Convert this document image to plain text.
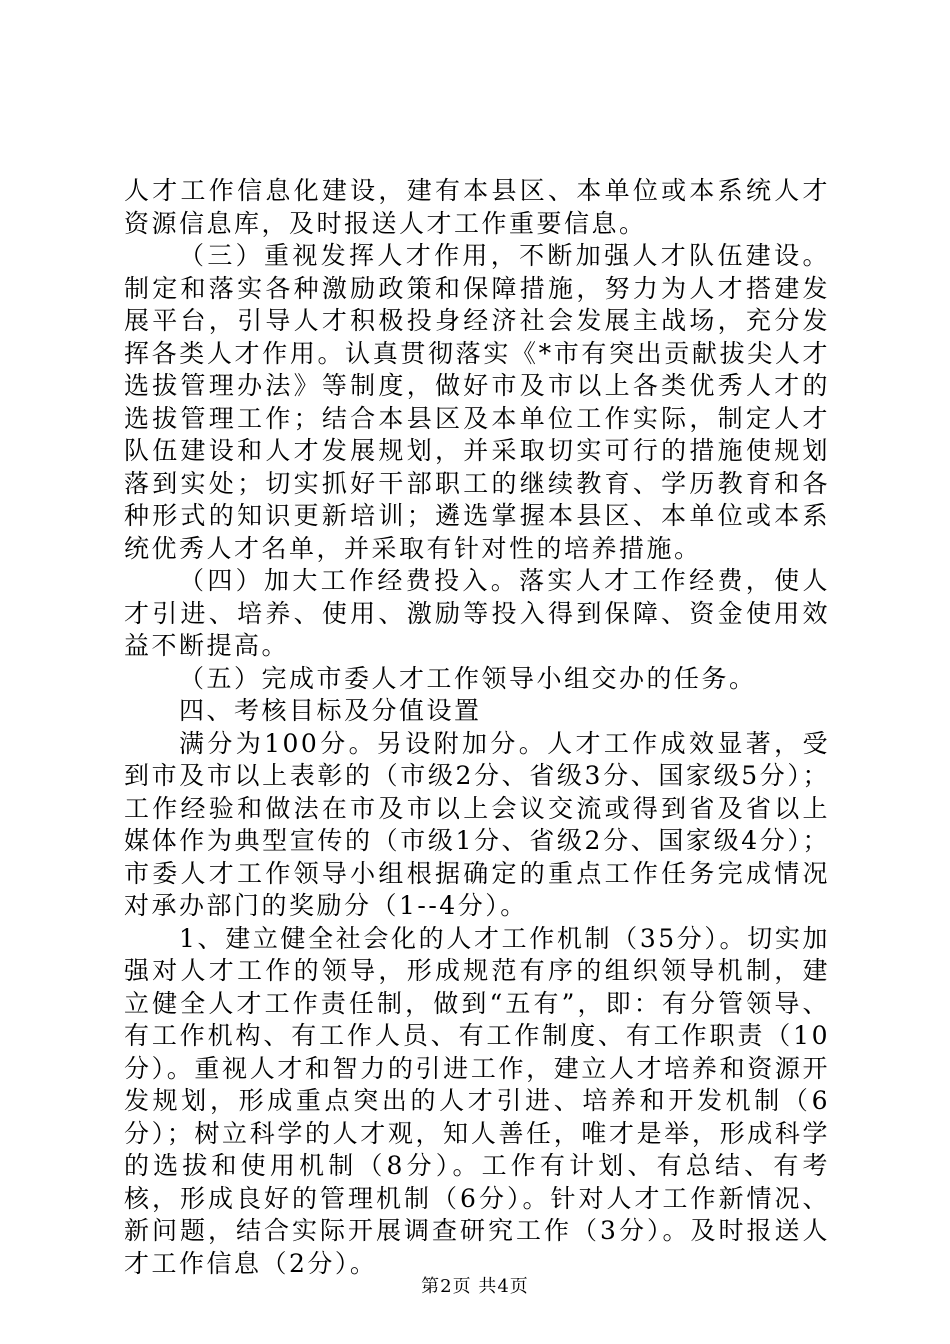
人才工作信息化建设，建有本县区、本单位或本系统人才资源信息库，及时报送人才工作重要信息。

（三）重视发挥人才作用，不断加强人才队伍建设。制定和落实各种激励政策和保障措施，努力为人才搭建发展平台，引导人才积极投身经济社会发展主战场，充分发挥各类人才作用。认真贯彻落实《*市有突出贡献拔尖人才选拔管理办法》等制度，做好市及市以上各类优秀人才的选拔管理工作；结合本县区及本单位工作实际，制定人才队伍建设和人才发展规划，并采取切实可行的措施使规划落到实处；切实抓好干部职工的继续教育、学历教育和各种形式的知识更新培训；遴选掌握本县区、本单位或本系统优秀人才名单，并采取有针对性的培养措施。

（四）加大工作经费投入。落实人才工作经费，使人才引进、培养、使用、激励等投入得到保障、资金使用效益不断提高。

（五）完成市委人才工作领导小组交办的任务。

四、考核目标及分值设置

满分为100分。另设附加分。人才工作成效显著，受到市及市以上表彰的（市级2分、省级3分、国家级5分）；工作经验和做法在市及市以上会议交流或得到省及省以上媒体作为典型宣传的（市级1分、省级2分、国家级4分）；市委人才工作领导小组根据确定的重点工作任务完成情况对承办部门的奖励分（1--4分）。

1、建立健全社会化的人才工作机制（35分）。切实加强对人才工作的领导，形成规范有序的组织领导机制，建立健全人才工作责任制，做到“五有”，即：有分管领导、有工作机构、有工作人员、有工作制度、有工作职责（10分）。重视人才和智力的引进工作，建立人才培养和资源开发规划，形成重点突出的人才引进、培养和开发机制（6分）；树立科学的人才观，知人善任，唯才是举，形成科学的选拔和使用机制（8分）。工作有计划、有总结、有考核，形成良好的管理机制（6分）。针对人才工作新情况、新问题，结合实际开展调查研究工作（3分）。及时报送人才工作信息（2分）。

第2页 共4页
